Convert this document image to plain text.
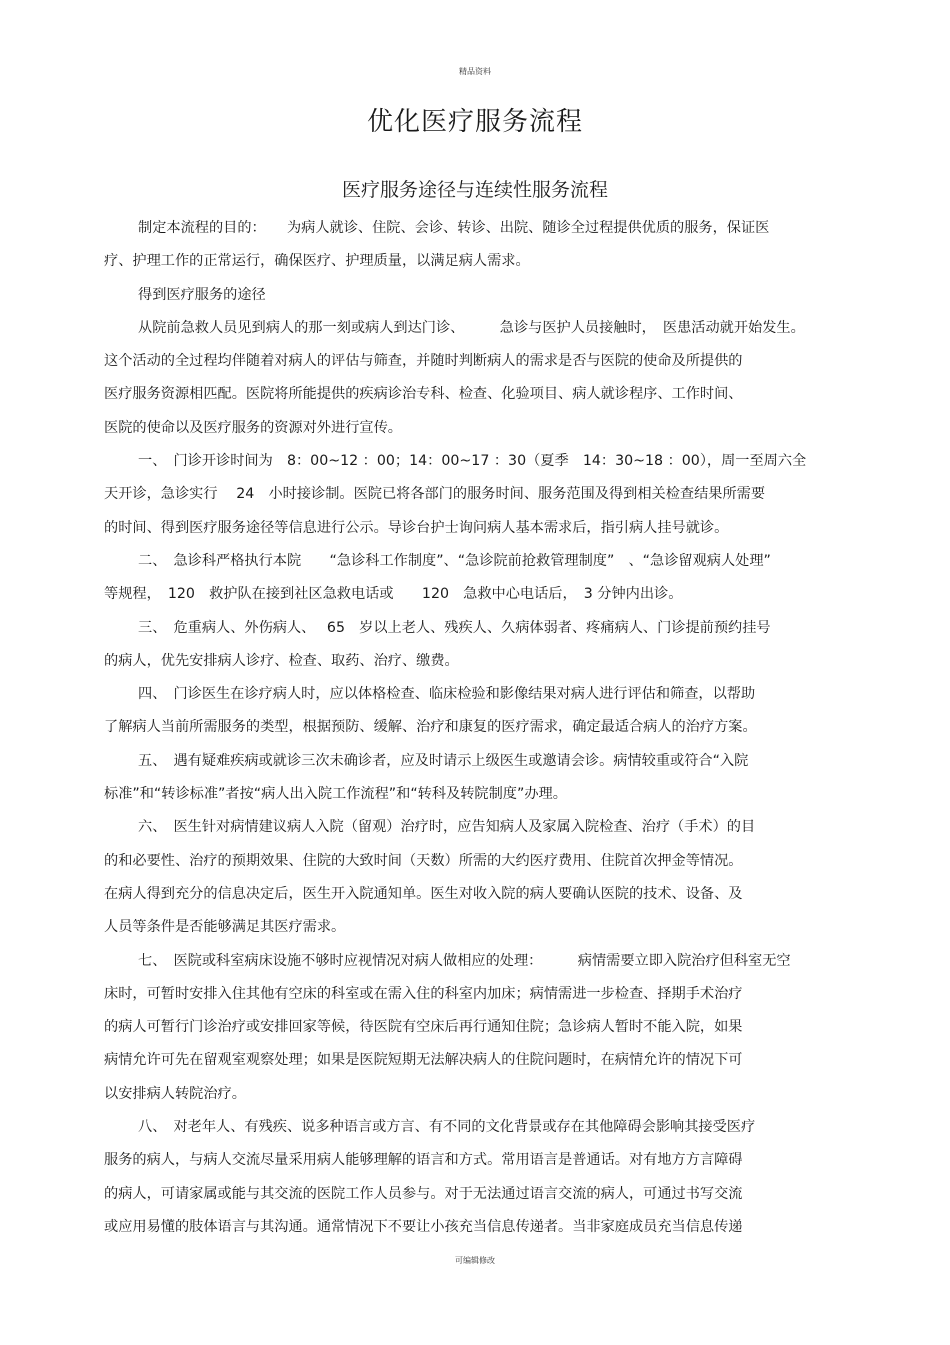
精品资料
优化医疗服务流程
医疗服务途径与连续性服务流程
制定本流程的目的：　　为病人就诊、住院、会诊、转诊、出院、随诊全过程提供优质的服务，保证医
疗、护理工作的正常运行，确保医疗、护理质量，以满足病人需求。
得到医疗服务的途径
从院前急救人员见到病人的那一刻或病人到达门诊、　　　急诊与医护人员接触时，　医患活动就开始发生。
这个活动的全过程均伴随着对病人的评估与筛查，并随时判断病人的需求是否与医院的使命及所提供的
医疗服务资源相匹配。医院将所能提供的疾病诊治专科、检查、化验项目、病人就诊程序、工作时间、
医院的使命以及医疗服务的资源对外进行宣传。
一、　门诊开诊时间为　8：00~12 ：00；14：00~17 ：30（夏季　14：30~18 ：00），周一至周六全
天开诊，急诊实行　 24　小时接诊制。医院已将各部门的服务时间、服务范围及得到相关检查结果所需要
的时间、得到医疗服务途径等信息进行公示。导诊台护士询问病人基本需求后，指引病人挂号就诊。
二、　急诊科严格执行本院　　“急诊科工作制度”、“急诊院前抢救管理制度”　、“急诊留观病人处理”
等规程，　120　救护队在接到社区急救电话或　　120　急救中心电话后，　3 分钟内出诊。
三、　危重病人、外伤病人、　 65　岁以上老人、残疾人、久病体弱者、疼痛病人、门诊提前预约挂号
的病人，优先安排病人诊疗、检查、取药、治疗、缴费。
四、　门诊医生在诊疗病人时，应以体格检查、临床检验和影像结果对病人进行评估和筛查，以帮助
了解病人当前所需服务的类型，根据预防、缓解、治疗和康复的医疗需求，确定最适合病人的治疗方案。
五、　遇有疑难疾病或就诊三次未确诊者，应及时请示上级医生或邀请会诊。病情较重或符合“入院
标准”和“转诊标准”者按“病人出入院工作流程”和“转科及转院制度”办理。
六、　医生针对病情建议病人入院（留观）治疗时，应告知病人及家属入院检查、治疗（手术）的目
的和必要性、治疗的预期效果、住院的大致时间（天数）所需的大约医疗费用、住院首次押金等情况。
在病人得到充分的信息决定后，医生开入院通知单。医生对收入院的病人要确认医院的技术、设备、及
人员等条件是否能够满足其医疗需求。
七、　医院或科室病床设施不够时应视情况对病人做相应的处理：　　　病情需要立即入院治疗但科室无空
床时，可暂时安排入住其他有空床的科室或在需入住的科室内加床；病情需进一步检查、择期手术治疗
的病人可暂行门诊治疗或安排回家等候，待医院有空床后再行通知住院；急诊病人暂时不能入院，如果
病情允许可先在留观室观察处理；如果是医院短期无法解决病人的住院问题时，在病情允许的情况下可
以安排病人转院治疗。
八、　对老年人、有残疾、说多种语言或方言、有不同的文化背景或存在其他障碍会影响其接受医疗
服务的病人，与病人交流尽量采用病人能够理解的语言和方式。常用语言是普通话。对有地方方言障碍
的病人，可请家属或能与其交流的医院工作人员参与。对于无法通过语言交流的病人，可通过书写交流
或应用易懂的肢体语言与其沟通。通常情况下不要让小孩充当信息传递者。当非家庭成员充当信息传递
可编辑修改
